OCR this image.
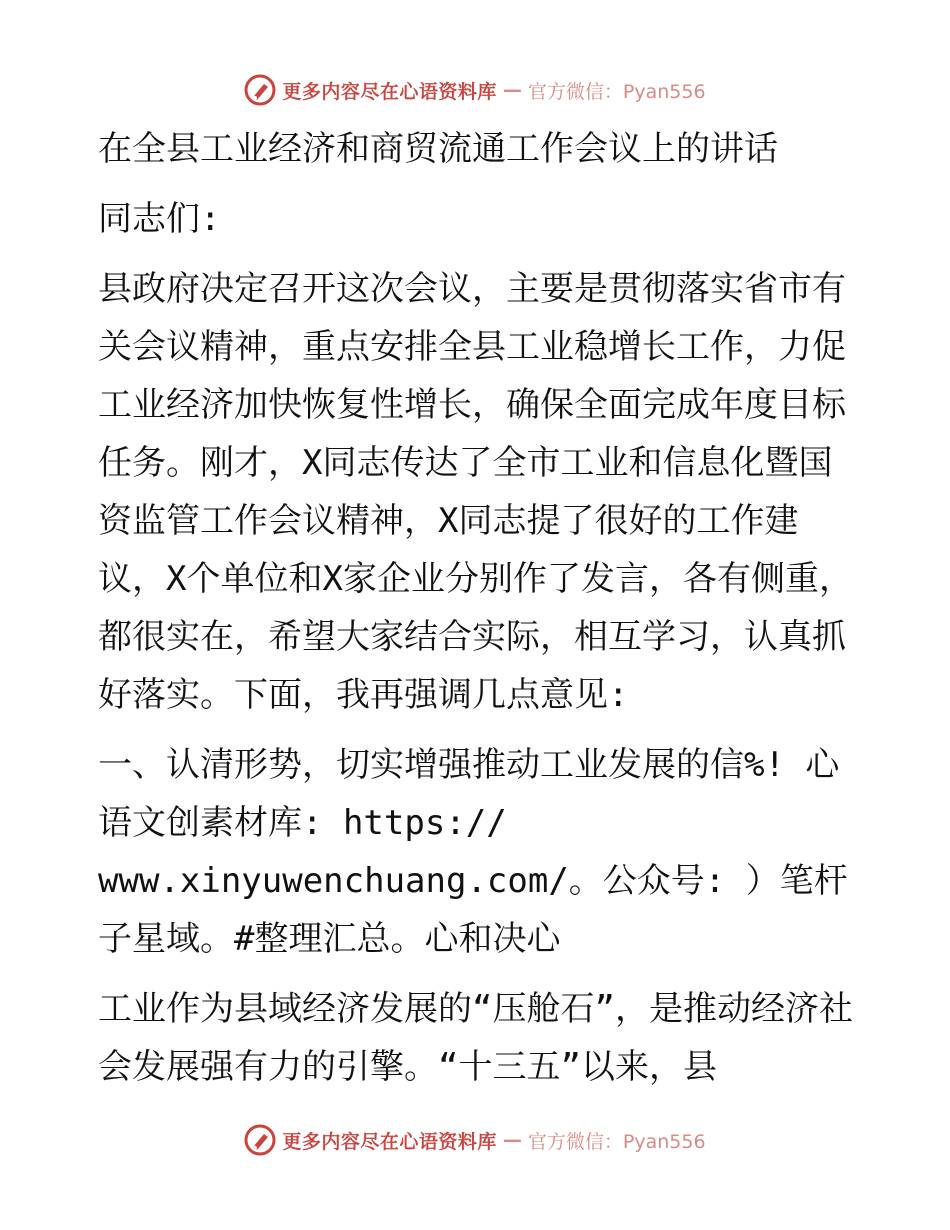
更多内容尽在心语资料库 — 官方微信：Pyan556
在全县工业经济和商贸流通工作会议上的讲话
同志们:
县政府决定召开这次会议，主要是贯彻落实省市有关会议精神，重点安排全县工业稳增长工作，力促工业经济加快恢复性增长，确保全面完成年度目标任务。刚才，X同志传达了全市工业和信息化暨国资监管工作会议精神，X同志提了很好的工作建议，X个单位和X家企业分别作了发言，各有侧重，都很实在，希望大家结合实际，相互学习，认真抓好落实。下面，我再强调几点意见:
一、认清形势，切实增强推动工业发展的信%! 心语文创素材库: https://
www.xinyuwenchuang.com/。公众号: ）笔杆子星域。#整理汇总。心和决心
工业作为县域经济发展的“压舱石”，是推动经济社会发展强有力的引擎。“十三五”以来，县
更多内容尽在心语资料库 — 官方微信：Pyan556
